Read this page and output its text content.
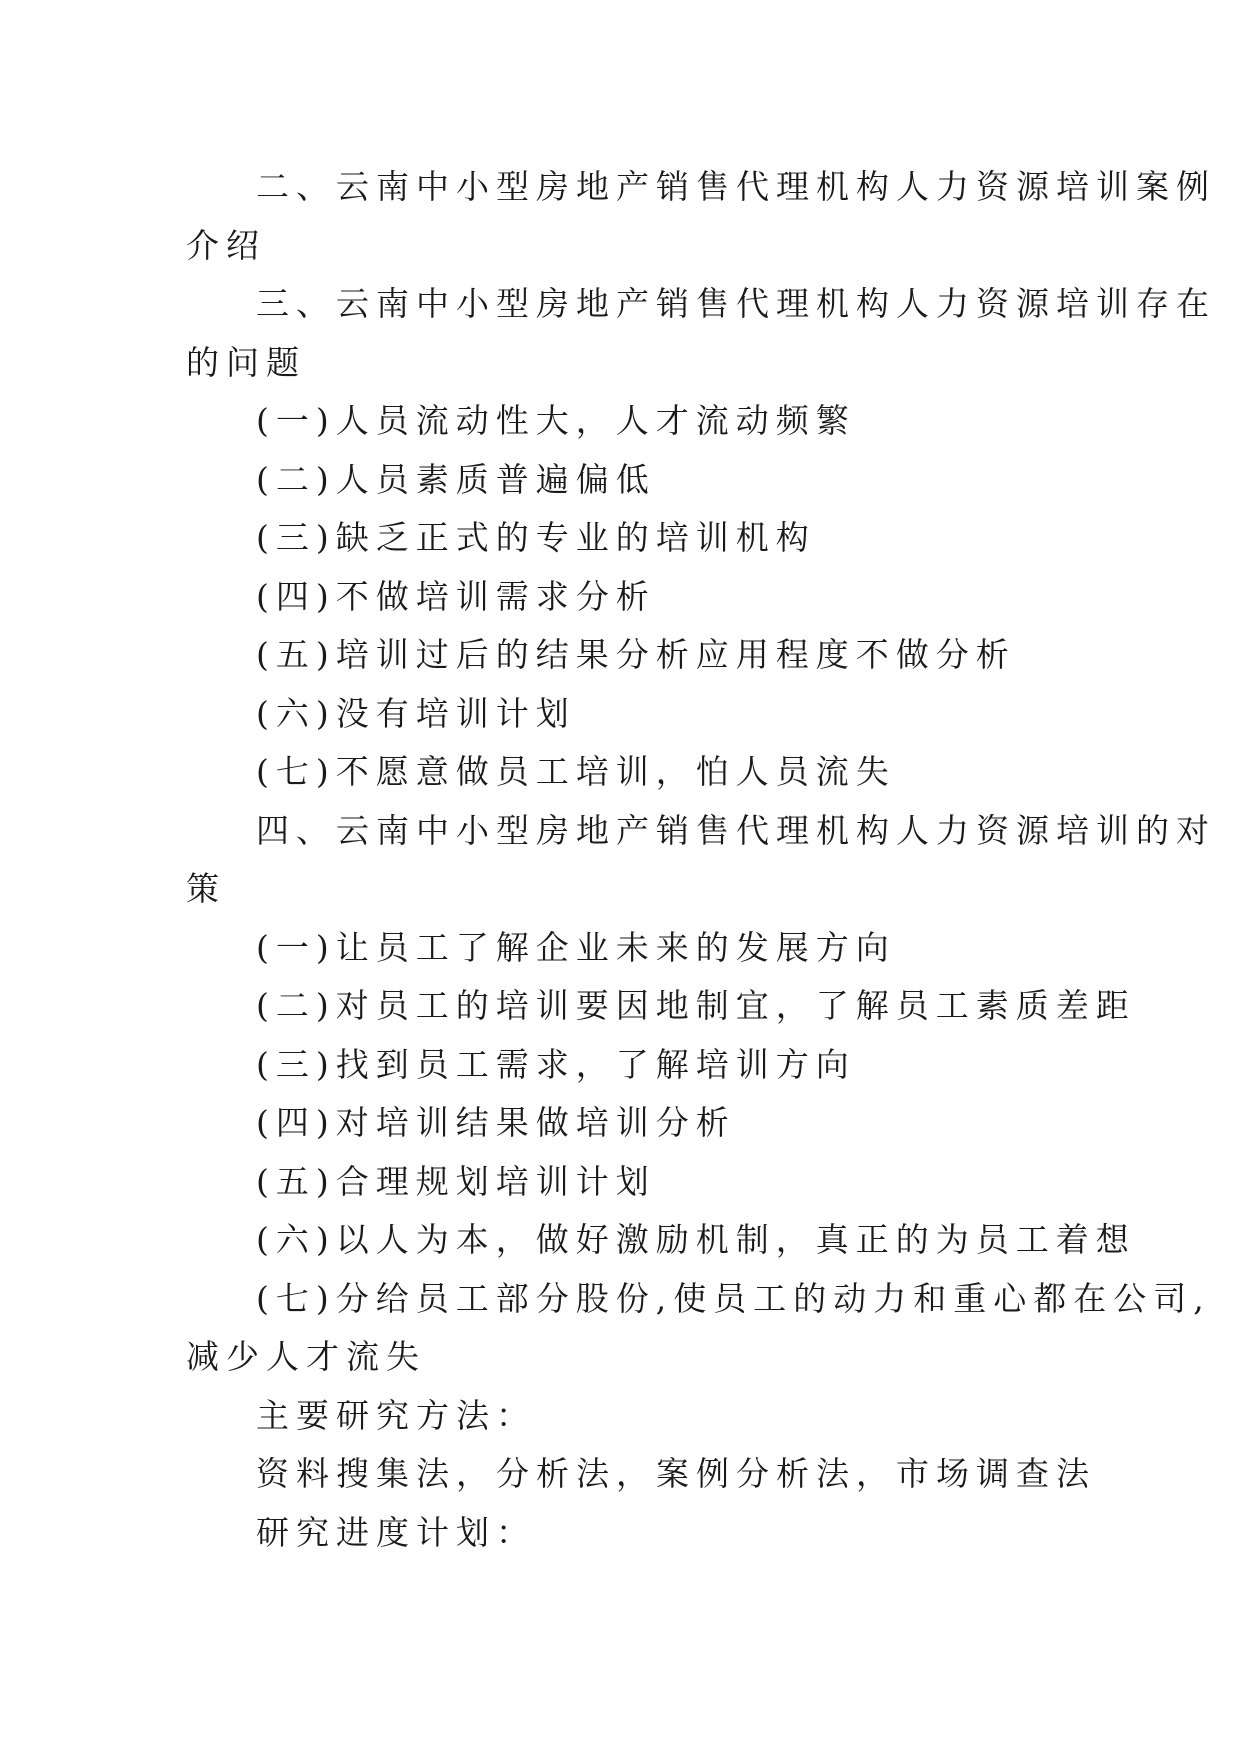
二、云南中小型房地产销售代理机构人力资源培训案例

介绍

三、云南中小型房地产销售代理机构人力资源培训存在

的问题

(一)人员流动性大，人才流动频繁

(二)人员素质普遍偏低

(三)缺乏正式的专业的培训机构

(四)不做培训需求分析

(五)培训过后的结果分析应用程度不做分析

(六)没有培训计划

(七)不愿意做员工培训，怕人员流失

四、云南中小型房地产销售代理机构人力资源培训的对

策

(一)让员工了解企业未来的发展方向

(二)对员工的培训要因地制宜，了解员工素质差距

(三)找到员工需求，了解培训方向

(四)对培训结果做培训分析

(五)合理规划培训计划

(六)以人为本，做好激励机制，真正的为员工着想

(七)分给员工部分股份,使员工的动力和重心都在公司,

减少人才流失

主要研究方法：

资料搜集法，分析法，案例分析法，市场调查法

研究进度计划：
